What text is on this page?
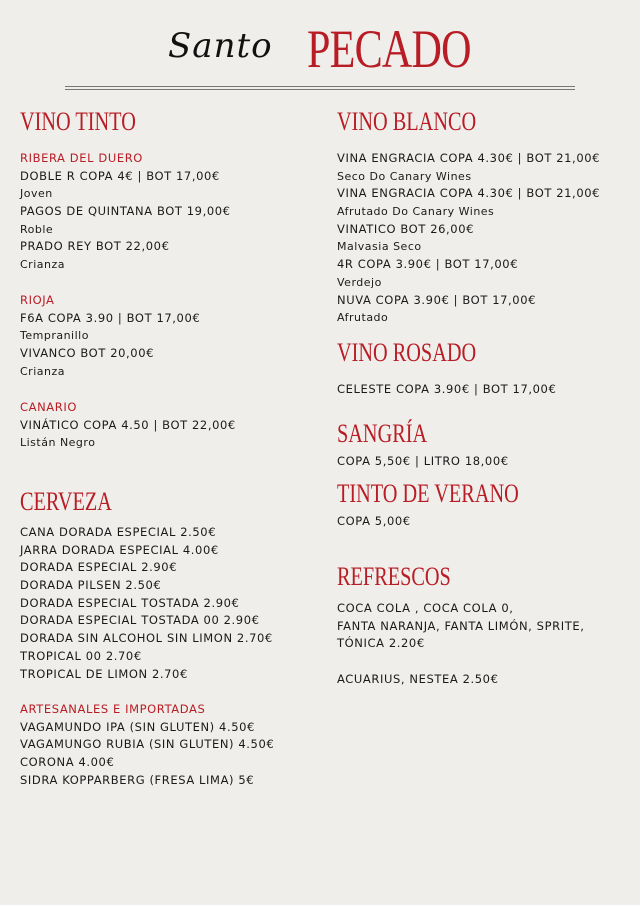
Santo PECADO
VINO TINTO
RIBERA DEL DUERO
DOBLE R COPA 4€ | BOT 17,00€
Joven
PAGOS DE QUINTANA BOT 19,00€
Roble
PRADO REY BOT 22,00€
Crianza
RIOJA
F6A COPA 3.90 | BOT 17,00€
Tempranillo
VIVANCO BOT 20,00€
Crianza
CANARIO
VINÁTICO COPA 4.50 | BOT 22,00€
Listán Negro
CERVEZA
CANA DORADA ESPECIAL 2.50€
JARRA DORADA ESPECIAL 4.00€
DORADA ESPECIAL 2.90€
DORADA PILSEN 2.50€
DORADA ESPECIAL TOSTADA 2.90€
DORADA ESPECIAL TOSTADA 00 2.90€
DORADA SIN ALCOHOL SIN LIMON 2.70€
TROPICAL 00 2.70€
TROPICAL DE LIMON 2.70€
ARTESANALES E IMPORTADAS
VAGAMUNDO IPA (SIN GLUTEN) 4.50€
VAGAMUNGO RUBIA (SIN GLUTEN) 4.50€
CORONA 4.00€
SIDRA KOPPARBERG (FRESA LIMA) 5€
VINO BLANCO
VINA ENGRACIA COPA 4.30€ | BOT 21,00€
Seco Do Canary Wines
VINA ENGRACIA COPA 4.30€ | BOT 21,00€
Afrutado Do Canary Wines
VINATICO BOT 26,00€
Malvasia Seco
4R COPA 3.90€ | BOT 17,00€
Verdejo
NUVA COPA 3.90€ | BOT 17,00€
Afrutado
VINO ROSADO
CELESTE COPA 3.90€ | BOT 17,00€
SANGRÍA
COPA 5,50€ | LITRO 18,00€
TINTO DE VERANO
COPA 5,00€
REFRESCOS
COCA COLA , COCA COLA 0,
FANTA NARANJA, FANTA LIMÓN, SPRITE,
TÓNICA 2.20€
ACUARIUS, NESTEA 2.50€
